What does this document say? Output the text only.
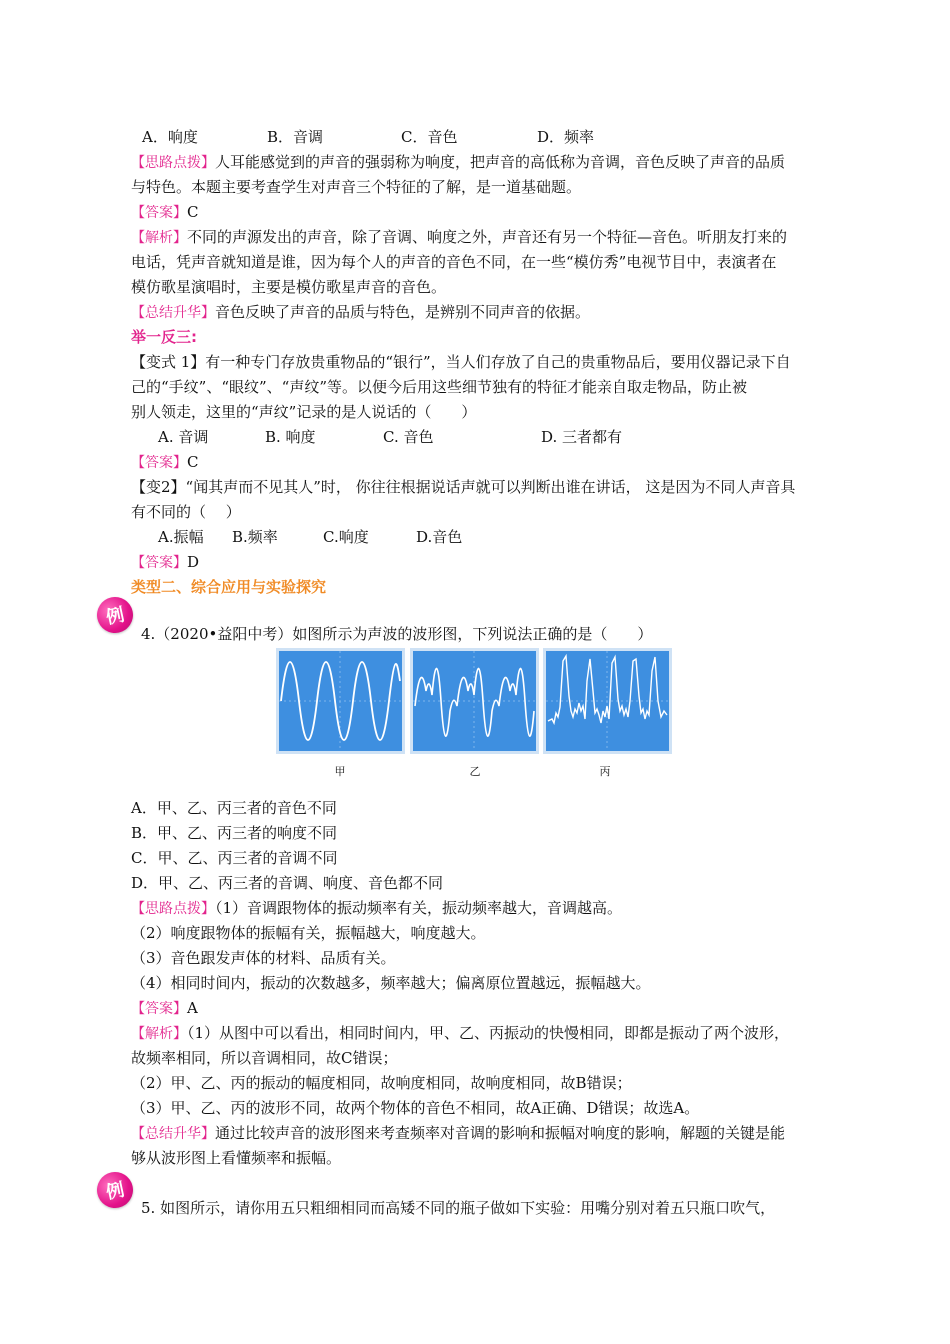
A．响度	B．音调	C．音色	D．频率
【思路点拨】人耳能感觉到的声音的强弱称为响度，把声音的高低称为音调，音色反映了声音的品质
与特色。本题主要考查学生对声音三个特征的了解，是一道基础题。
【答案】C
【解析】不同的声源发出的声音，除了音调、响度之外，声音还有另一个特征—音色。听朋友打来的
电话，凭声音就知道是谁，因为每个人的声音的音色不同，在一些“模仿秀”电视节目中，表演者在
模仿歌星演唱时，主要是模仿歌星声音的音色。
【总结升华】音色反映了声音的品质与特色，是辨别不同声音的依据。
举一反三:
【变式 1】有一种专门存放贵重物品的“银行”，当人们存放了自己的贵重物品后，要用仪器记录下自
己的“手纹”、“眼纹”、“声纹”等。以便今后用这些细节独有的特征才能亲自取走物品，防止被
别人领走，这里的“声纹”记录的是人说话的（　　）
A. 音调	B. 响度	C. 音色	D. 三者都有
【答案】C
【变2】“闻其声而不见其人”时， 你往往根据说话声就可以判断出谁在讲话， 这是因为不同人声音具
有不同的（　 ）
A.振幅 B.频率	C.响度	D.音色
【答案】D
类型二、综合应用与实验探究
例
4.（2020•益阳中考）如图所示为声波的波形图，下列说法正确的是（　　）
甲	乙	丙
A．甲、乙、丙三者的音色不同
B．甲、乙、丙三者的响度不同
C．甲、乙、丙三者的音调不同
D．甲、乙、丙三者的音调、响度、音色都不同
【思路点拨】（1）音调跟物体的振动频率有关，振动频率越大，音调越高。
（2）响度跟物体的振幅有关，振幅越大，响度越大。
（3）音色跟发声体的材料、品质有关。
（4）相同时间内，振动的次数越多，频率越大；偏离原位置越远，振幅越大。
【答案】A
【解析】（1）从图中可以看出，相同时间内，甲、乙、丙振动的快慢相同，即都是振动了两个波形，
故频率相同，所以音调相同，故C错误；
（2）甲、乙、丙的振动的幅度相同，故响度相同，故响度相同，故B错误；
（3）甲、乙、丙的波形不同，故两个物体的音色不相同，故A正确、D错误；故选A。
【总结升华】通过比较声音的波形图来考查频率对音调的影响和振幅对响度的影响，解题的关键是能
够从波形图上看懂频率和振幅。
例
5. 如图所示，请你用五只粗细相同而高矮不同的瓶子做如下实验：用嘴分别对着五只瓶口吹气，
